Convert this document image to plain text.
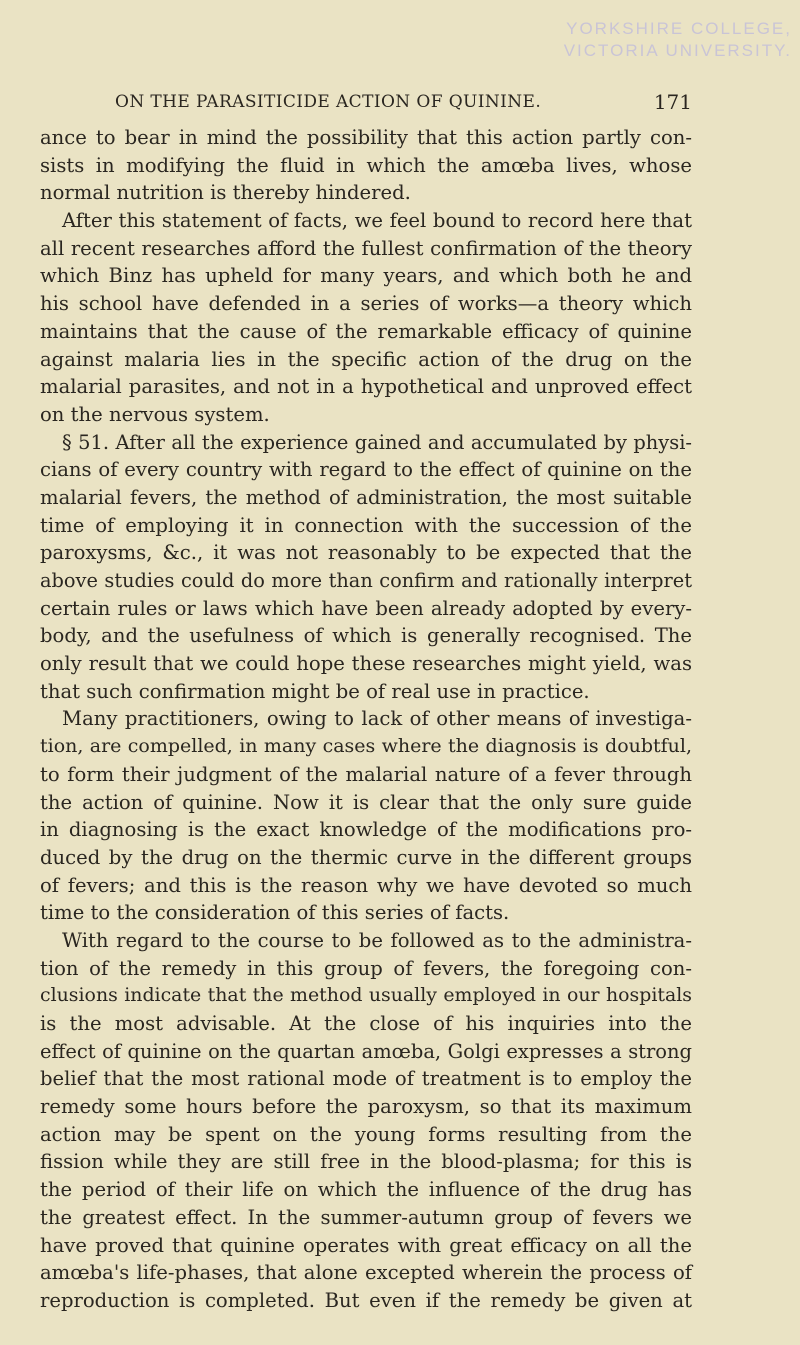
YORKSHIRE COLLEGE,
VICTORIA UNIVERSITY.
ON THE PARASITICIDE ACTION OF QUININE.	171
ance to bear in mind the possibility that this action partly con-
sists in modifying the fluid in which the amœba lives, whose
normal nutrition is thereby hindered.
After this statement of facts, we feel bound to record here that
all recent researches afford the fullest confirmation of the theory
which Binz has upheld for many years, and which both he and
his school have defended in a series of works—a theory which
maintains that the cause of the remarkable efficacy of quinine
against malaria lies in the specific action of the drug on the
malarial parasites, and not in a hypothetical and unproved effect
on the nervous system.
§ 51. After all the experience gained and accumulated by physi-
cians of every country with regard to the effect of quinine on the
malarial fevers, the method of administration, the most suitable
time of employing it in connection with the succession of the
paroxysms, &c., it was not reasonably to be expected that the
above studies could do more than confirm and rationally interpret
certain rules or laws which have been already adopted by every-
body, and the usefulness of which is generally recognised. The
only result that we could hope these researches might yield, was
that such confirmation might be of real use in practice.
Many practitioners, owing to lack of other means of investiga-
tion, are compelled, in many cases where the diagnosis is doubtful,
to form their judgment of the malarial nature of a fever through
the action of quinine. Now it is clear that the only sure guide
in diagnosing is the exact knowledge of the modifications pro-
duced by the drug on the thermic curve in the different groups
of fevers; and this is the reason why we have devoted so much
time to the consideration of this series of facts.
With regard to the course to be followed as to the administra-
tion of the remedy in this group of fevers, the foregoing con-
clusions indicate that the method usually employed in our hospitals
is the most advisable. At the close of his inquiries into the
effect of quinine on the quartan amœba, Golgi expresses a strong
belief that the most rational mode of treatment is to employ the
remedy some hours before the paroxysm, so that its maximum
action may be spent on the young forms resulting from the
fission while they are still free in the blood-plasma; for this is
the period of their life on which the influence of the drug has
the greatest effect. In the summer-autumn group of fevers we
have proved that quinine operates with great efficacy on all the
amœba's life-phases, that alone excepted wherein the process of
reproduction is completed. But even if the remedy be given at
